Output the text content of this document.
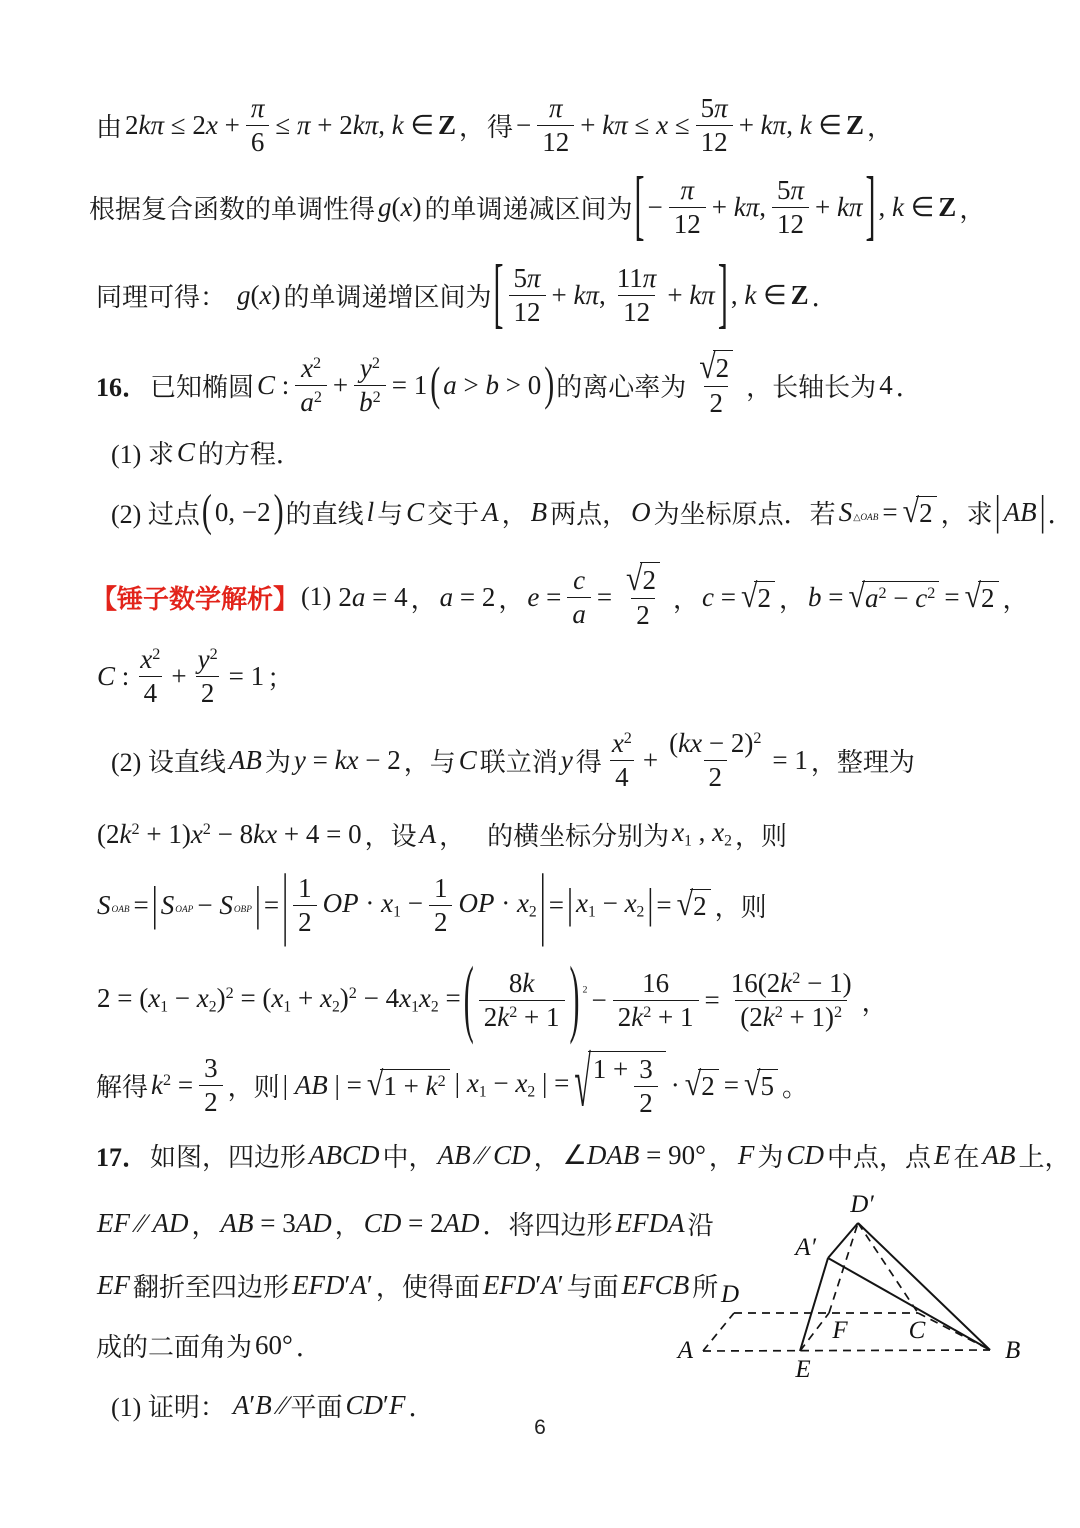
由 $2k\pi \le 2x + \frac{\pi}{6} \le \pi + 2k\pi$, k ∈ Z ， 得 − $\frac{\pi}{12} + k\pi \le x \le \frac{5\pi}{12} + k\pi$, k ∈ Z ，
根据复合函数的单调性得 g(x) 的单调递减区间为 [ − $\frac{\pi}{12} + k\pi$, $\frac{5\pi}{12} + k\pi$ ] , k ∈ Z ，
同理可得： g(x) 的单调递增区间为 [ $\frac{5\pi}{12} + k\pi$, $\frac{11\pi}{12} + k\pi$ ] , k ∈ Z ．
16． 已知椭圆 C : $\frac{x^2}{a^2} + \frac{y^2}{b^2} = 1$ ( a > b > 0 ) 的离心率为 $\frac{√ 2}{2}$ ，长轴长为 4 ．
(1) 求 C 的方程．
(2) 过点 ( 0, −2 ) 的直线 l 与 C 交于 A ， B 两点， O 为坐标原点．若 S △OAB = √ 2 ，求 | AB | ．
【锤子数学解析】 (1) 2a = 4 ， a = 2 ， $e = \frac{c}{a} = \frac{√ 2}{2}$ ， c = √ 2 ， b = √ $a^2 - c^2$ = √ 2 ，
C : $\frac{x^2}{4} + \frac{y^2}{2} = 1$ ；
(2) 设直线 AB 为 y = kx − 2 ，与 C 联立消 y 得 $\frac{x^2}{4} + \frac{(kx - 2)^2}{2} = 1$ ，整理为
$(2k^2 + 1)x^2 - 8kx + 4 = 0$ ，设 A ， 的横坐标分别为 x1 , x2 ，则
S OAB = | S OAP − S OBP | = | $\frac{1}{2}$ OP · $x1 - \frac{1}{2}$ OP · x2 | = | x1 − x2 | = √ 2 ，则
$2 = (x1 - x2)^2 = (x1 + x2)^2 - 4x1x2$ = ( $\frac{8k}{2k^2 + 1}$ ) $2 - \frac{16}{2k^2 + 1} = \frac{16(2k^2 - 1)}{(2k^2 + 1)^2}$ ，
解得 $k^2 = \frac{3}{2}$ ，则 | AB | = √ $1 + k^2$ | x1 − x2 | = √ $1 + \frac{3}{2}$ · √ 2 = √ 5 。
17． 如图，四边形 ABCD 中， AB ∕∕ CD ， ∠DAB = 90° ， F 为 CD 中点，点 E 在 AB 上，
EF ∕∕ AD ， AB = 3AD ， CD = 2AD ．将四边形 EFDA 沿
EF 翻折至四边形 EFD′A′ ，使得面 EFD′A′ 与面 EFCB 所
成的二面角为 60° ．
(1) 证明： A′B ∕∕ 平面 CD′F ．
D′
A′
D
A
E
F C
B
6
